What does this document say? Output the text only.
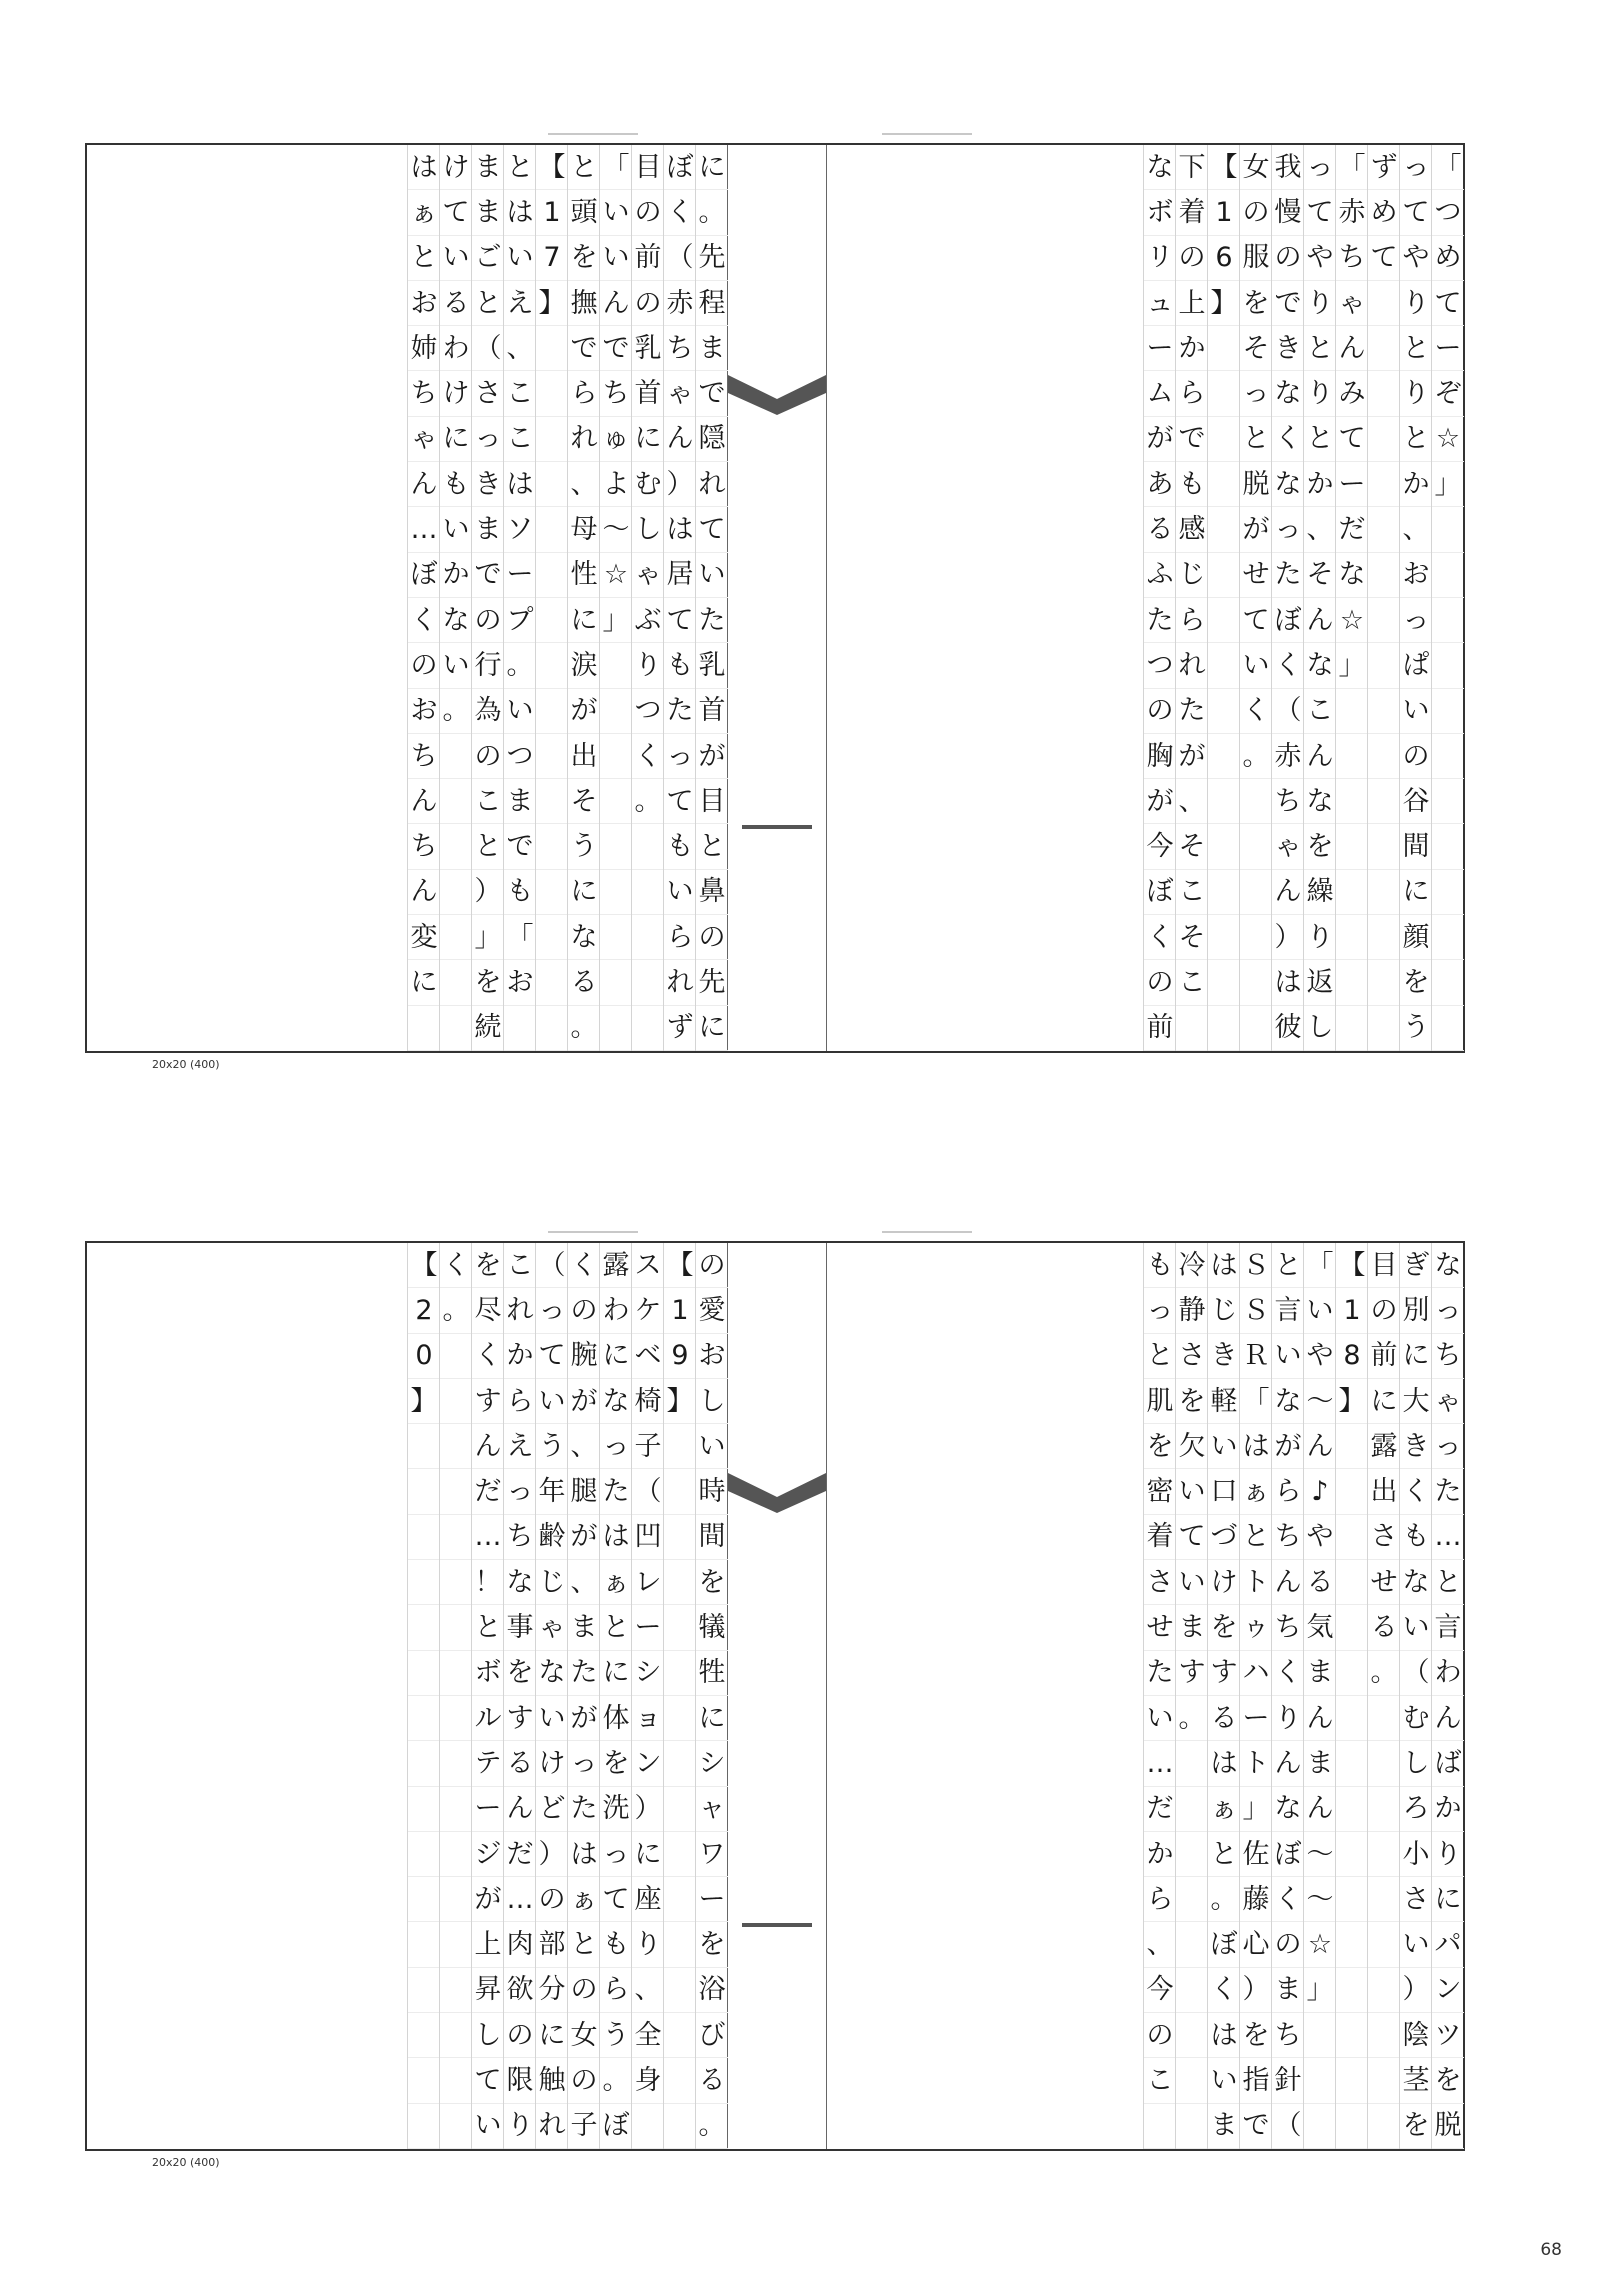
「
つ
め
て
ー
ぞ
☆
」
っ
て
や
り
と
り
と
か
、
お
っ
ぱ
い
の
谷
間
に
顔
を
う
ず
め
て
「
赤
ち
ゃ
ん
み
て
ー
だ
な
☆
」
っ
て
や
り
と
り
と
か
、
そ
ん
な
こ
ん
な
を
繰
り
返
し
我
慢
の
で
き
な
く
な
っ
た
ぼ
く
（
赤
ち
ゃ
ん
）
は
彼
女
の
服
を
そ
っ
と
脱
が
せ
て
い
く
。
【
1
6
】
下
着
の
上
か
ら
で
も
感
じ
ら
れ
た
が
、
そ
こ
そ
こ
な
ボ
リ
ュ
ー
ム
が
あ
る
ふ
た
つ
の
胸
が
今
ぼ
く
の
前
に
。
先
程
ま
で
隠
れ
て
い
た
乳
首
が
目
と
鼻
の
先
に
ぼ
く
（
赤
ち
ゃ
ん
）
は
居
て
も
た
っ
て
も
い
ら
れ
ず
目
の
前
の
乳
首
に
む
し
ゃ
ぶ
り
つ
く
。
「
い
い
ん
で
ち
ゅ
よ
～
☆
」
と
頭
を
撫
で
ら
れ
、
母
性
に
涙
が
出
そ
う
に
な
る
。
【
1
7
】
と
は
い
え
、
こ
こ
は
ソ
ー
プ
。
い
つ
ま
で
も
「
お
ま
ま
ご
と
（
さ
っ
き
ま
で
の
行
為
の
こ
と
）
」
を
続
け
て
い
る
わ
け
に
も
い
か
な
い
。
は
ぁ
と
お
姉
ち
ゃ
ん
…
ぼ
く
の
お
ち
ん
ち
ん
変
に
20x20 (400)
な
っ
ち
ゃ
っ
た
…
と
言
わ
ん
ば
か
り
に
パ
ン
ツ
を
脱
ぎ
別
に
大
き
く
も
な
い
（
む
し
ろ
小
さ
い
）
陰
茎
を
目
の
前
に
露
出
さ
せ
る
。
【
1
8
】
「
い
や
～
ん
♪
や
る
気
ま
ん
ま
ん
～
～
☆
」
と
言
い
な
が
ら
ち
ん
ち
く
り
ん
な
ぼ
く
の
ま
ち
針
（
Ｓ
Ｓ
Ｒ
「
は
ぁ
と
ト
ゥ
ハ
ー
ト
」
佐
藤
心
）
を
指
で
は
じ
き
軽
い
口
づ
け
を
す
る
は
ぁ
と
。
ぼ
く
は
い
ま
冷
静
さ
を
欠
い
て
い
ま
す
。
も
っ
と
肌
を
密
着
さ
せ
た
い
…
だ
か
ら
、
今
の
こ
の
愛
お
し
い
時
間
を
犠
牲
に
シ
ャ
ワ
ー
を
浴
び
る
。
【
1
9
】
ス
ケ
ベ
椅
子
（
凹
レ
ー
シ
ョ
ン
）
に
座
り
、
全
身
露
わ
に
な
っ
た
は
ぁ
と
に
体
を
洗
っ
て
も
ら
う
。
ぼ
く
の
腕
が
、
腿
が
、
ま
た
が
っ
た
は
ぁ
と
の
女
の
子
（
っ
て
い
う
年
齢
じ
ゃ
な
い
け
ど
）
の
部
分
に
触
れ
こ
れ
か
ら
え
っ
ち
な
事
を
す
る
ん
だ
…
肉
欲
の
限
り
を
尽
く
す
ん
だ
…
！
と
ボ
ル
テ
ー
ジ
が
上
昇
し
て
い
く
。
【
2
0
】
20x20 (400)
68
